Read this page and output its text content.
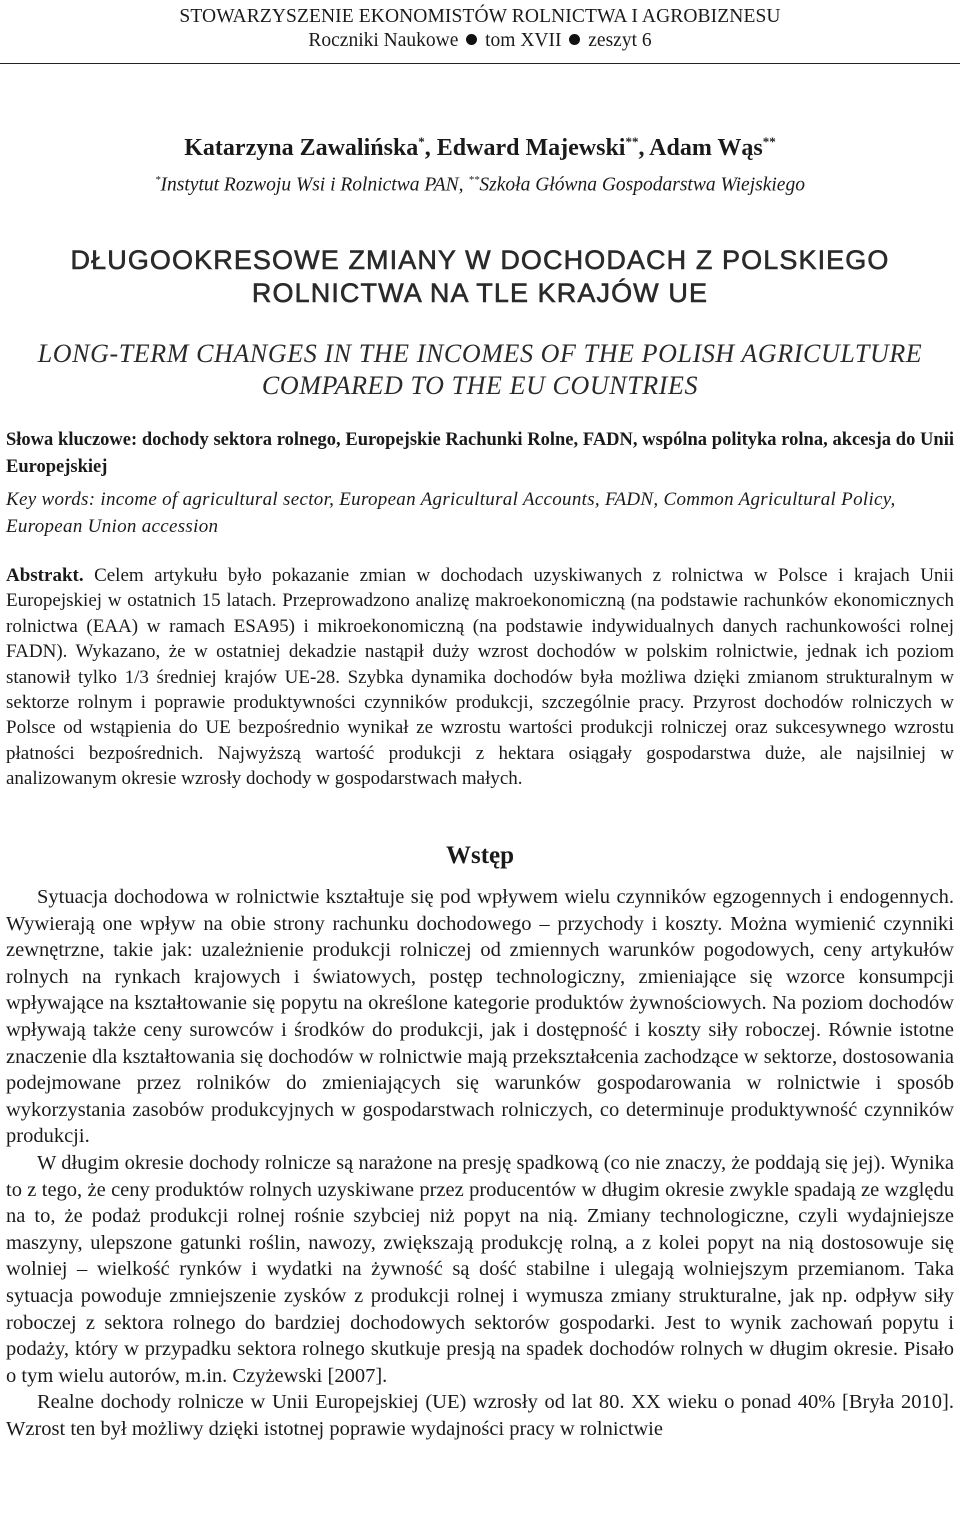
STOWARZYSZENIE EKONOMISTÓW ROLNICTWA I AGROBIZNESU
Roczniki Naukowe tom XVII zeszyt 6
Katarzyna Zawalińska*, Edward Majewski**, Adam Wąs**
*Instytut Rozwoju Wsi i Rolnictwa PAN, **Szkoła Główna Gospodarstwa Wiejskiego
DŁUGOOKRESOWE ZMIANY W DOCHODACH Z POLSKIEGO
ROLNICTWA NA TLE KRAJÓW UE
LONG-TERM CHANGES IN THE INCOMES OF THE POLISH AGRICULTURE
COMPARED TO THE EU COUNTRIES
Słowa kluczowe: dochody sektora rolnego, Europejskie Rachunki Rolne, FADN, wspólna polityka rolna, akcesja do Unii Europejskiej
Key words: income of agricultural sector, European Agricultural Accounts, FADN, Common Agricultural Policy, European Union accession
Abstrakt. Celem artykułu było pokazanie zmian w dochodach uzyskiwanych z rolnictwa w Polsce i krajach Unii Europejskiej w ostatnich 15 latach. Przeprowadzono analizę makroekonomiczną (na podstawie rachunków ekonomicznych rolnictwa (EAA) w ramach ESA95) i mikroekonomiczną (na podstawie indywidualnych danych rachunkowości rolnej FADN). Wykazano, że w ostatniej dekadzie nastąpił duży wzrost dochodów w polskim rolnictwie, jednak ich poziom stanowił tylko 1/3 średniej krajów UE-28. Szybka dynamika dochodów była możliwa dzięki zmianom strukturalnym w sektorze rolnym i poprawie produktywności czynników produkcji, szczególnie pracy. Przyrost dochodów rolniczych w Polsce od wstąpienia do UE bezpośrednio wynikał ze wzrostu wartości produkcji rolniczej oraz sukcesywnego wzrostu płatności bezpośrednich. Najwyższą wartość produkcji z hektara osiągały gospodarstwa duże, ale najsilniej w analizowanym okresie wzrosły dochody w gospodarstwach małych.
Wstęp

Sytuacja dochodowa w rolnictwie kształtuje się pod wpływem wielu czynników egzogennych i endogennych. Wywierają one wpływ na obie strony rachunku dochodowego – przychody i koszty. Można wymienić czynniki zewnętrzne, takie jak: uzależnienie produkcji rolniczej od zmiennych warunków pogodowych, ceny artykułów rolnych na rynkach krajowych i światowych, postęp technologiczny, zmieniające się wzorce konsumpcji wpływające na kształtowanie się popytu na określone kategorie produktów żywnościowych. Na poziom dochodów wpływają także ceny surowców i środków do produkcji, jak i dostępność i koszty siły roboczej. Równie istotne znaczenie dla kształtowania się dochodów w rolnictwie mają przekształcenia zachodzące w sektorze, dostosowania podejmowane przez rolników do zmieniających się warunków gospodarowania w rolnictwie i sposób wykorzystania zasobów produkcyjnych w gospodarstwach rolniczych, co determinuje produktywność czynników produkcji.

W długim okresie dochody rolnicze są narażone na presję spadkową (co nie znaczy, że poddają się jej). Wynika to z tego, że ceny produktów rolnych uzyskiwane przez producentów w długim okresie zwykle spadają ze względu na to, że podaż produkcji rolnej rośnie szybciej niż popyt na nią. Zmiany technologiczne, czyli wydajniejsze maszyny, ulepszone gatunki roślin, nawozy, zwiększają produkcję rolną, a z kolei popyt na nią dostosowuje się wolniej – wielkość rynków i wydatki na żywność są dość stabilne i ulegają wolniejszym przemianom. Taka sytuacja powoduje zmniejszenie zysków z produkcji rolnej i wymusza zmiany strukturalne, jak np. odpływ siły roboczej z sektora rolnego do bardziej dochodowych sektorów gospodarki. Jest to wynik zachowań popytu i podaży, który w przypadku sektora rolnego skutkuje presją na spadek dochodów rolnych w długim okresie. Pisało o tym wielu autorów, m.in. Czyżewski [2007].

Realne dochody rolnicze w Unii Europejskiej (UE) wzrosły od lat 80. XX wieku o ponad 40% [Bryła 2010]. Wzrost ten był możliwy dzięki istotnej poprawie wydajności pracy w rolnictwie
